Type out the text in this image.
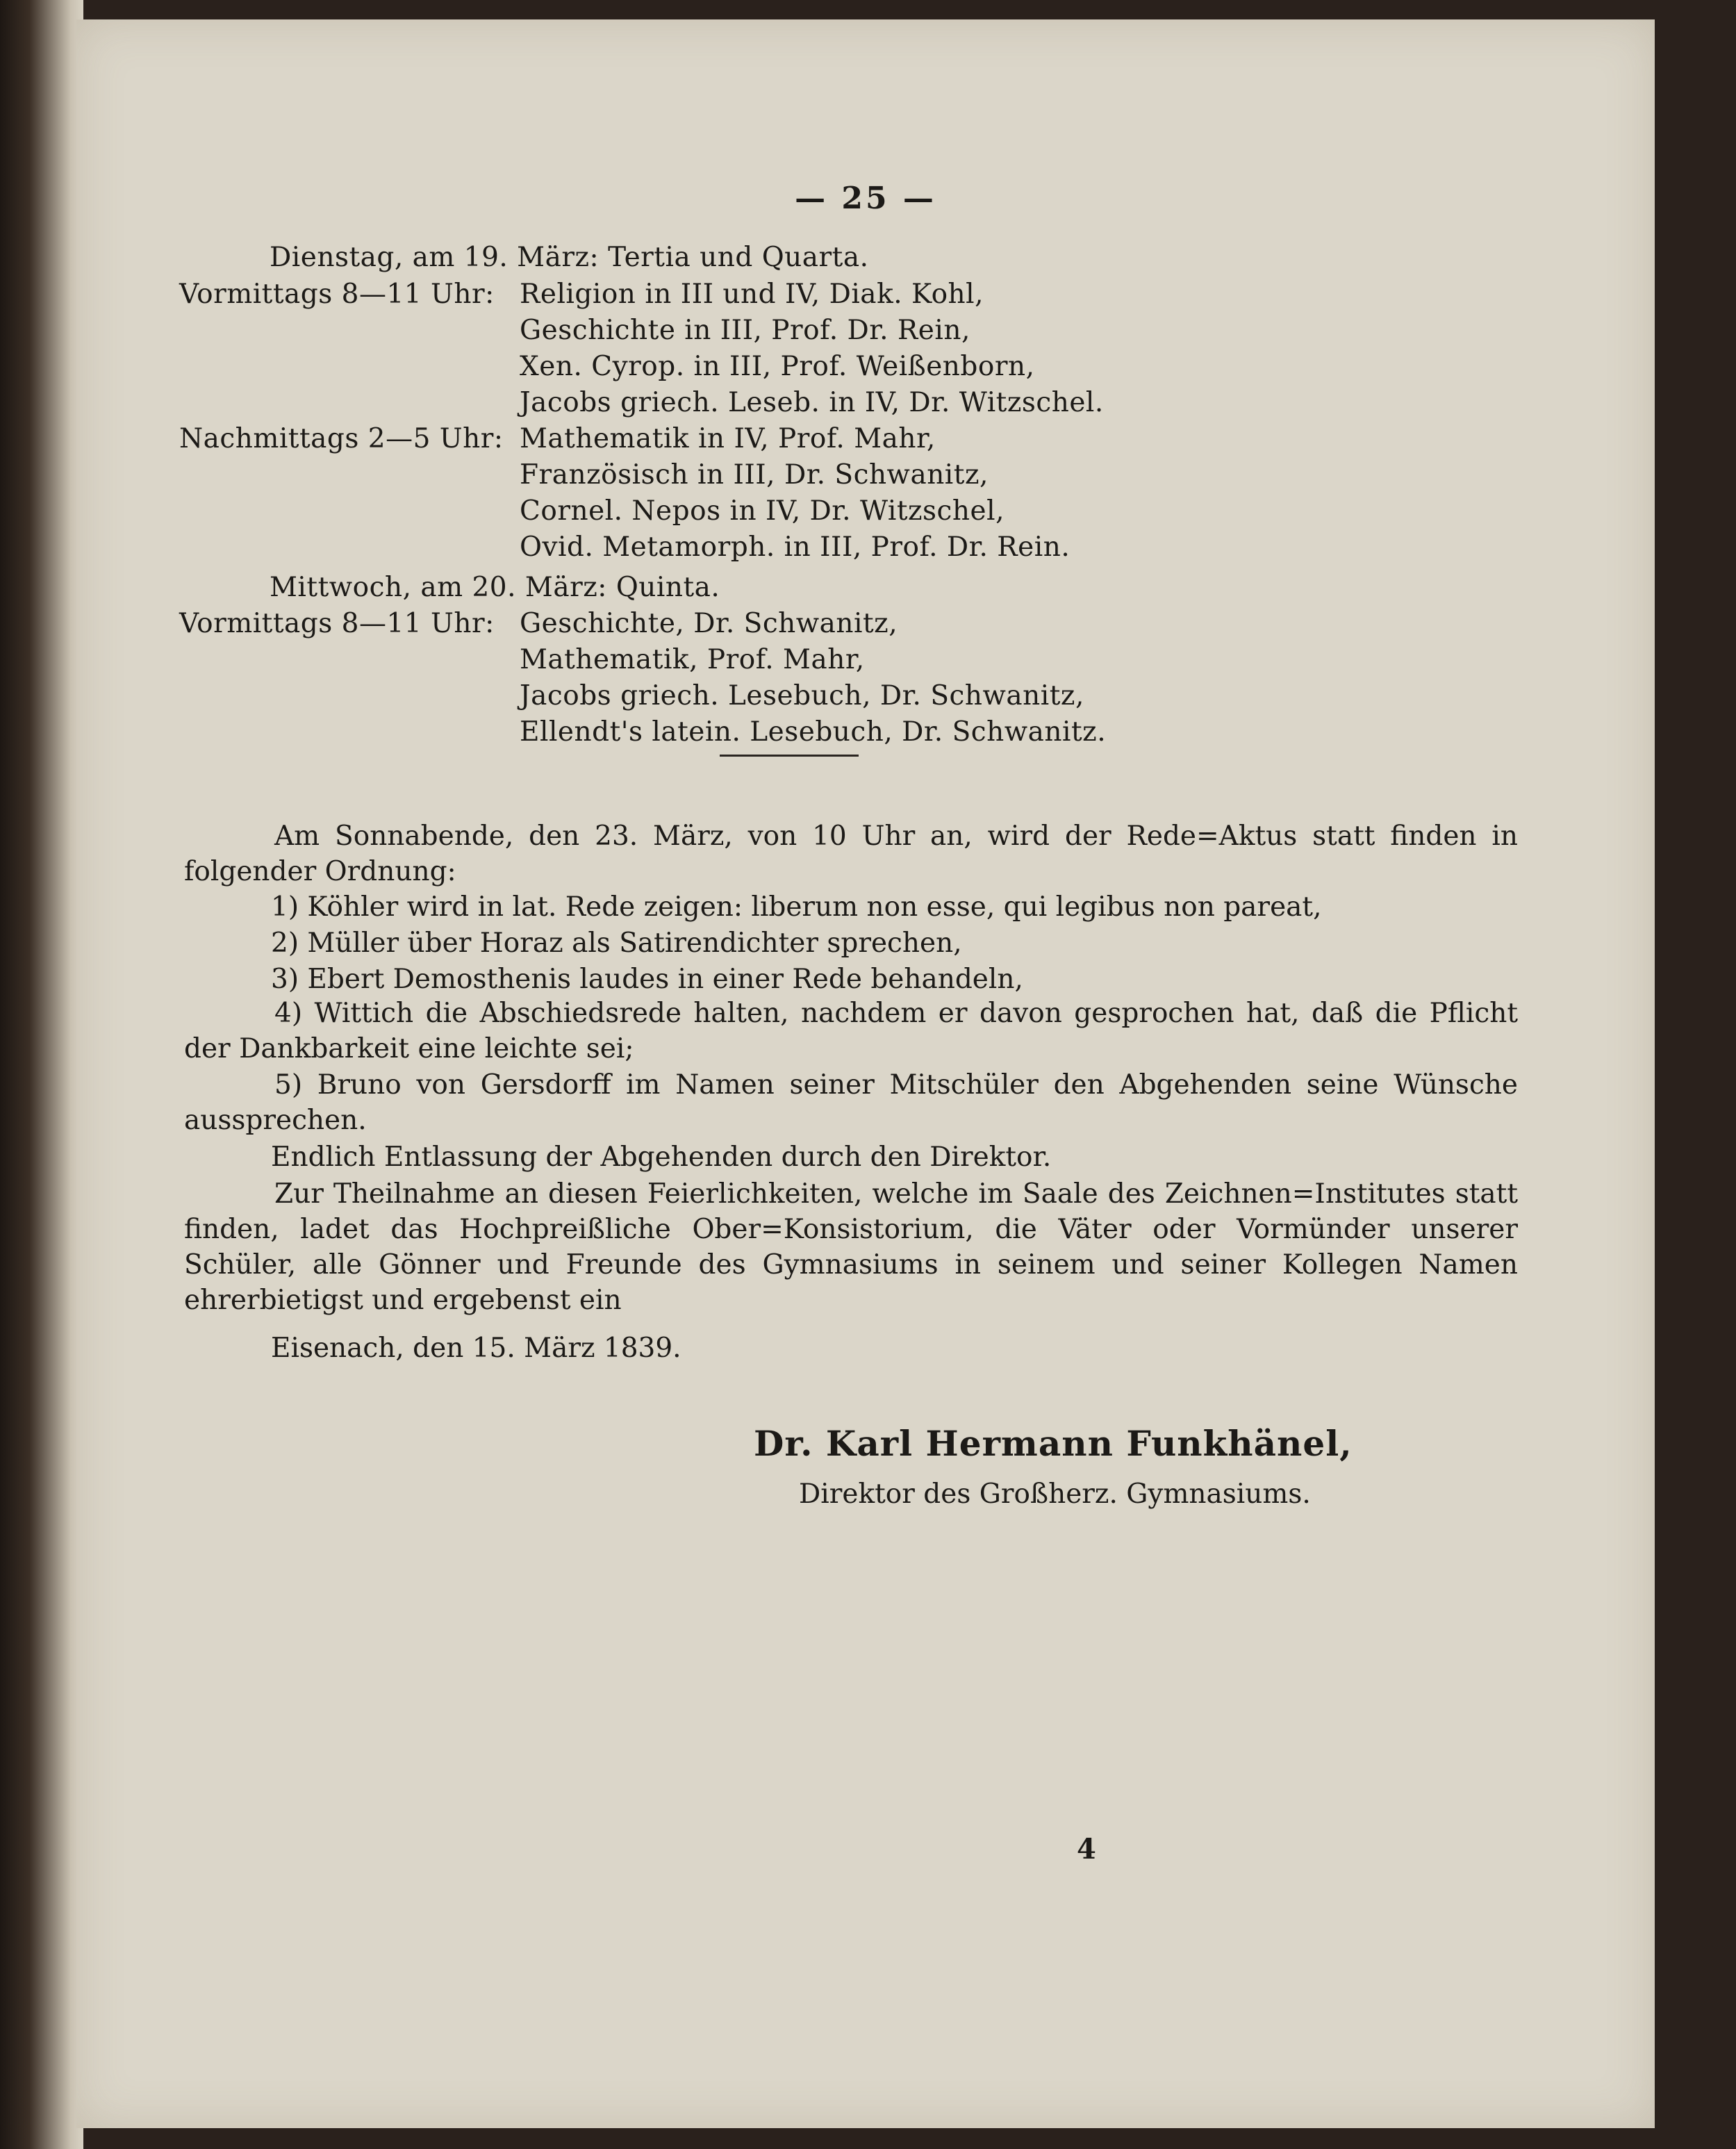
— 25 —
Dienstag, am 19. März: Tertia und Quarta.
Vormittags 8—11 Uhr: Religion in III und IV, Diak. Kohl,
Geschichte in III, Prof. Dr. Rein,
Xen. Cyrop. in III, Prof. Weißenborn,
Jacobs griech. Leseb. in IV, Dr. Witzschel.
Nachmittags 2—5 Uhr: Mathematik in IV, Prof. Mahr,
Französisch in III, Dr. Schwanitz,
Cornel. Nepos in IV, Dr. Witzschel,
Ovid. Metamorph. in III, Prof. Dr. Rein.
Mittwoch, am 20. März: Quinta.
Vormittags 8—11 Uhr: Geschichte, Dr. Schwanitz,
Mathematik, Prof. Mahr,
Jacobs griech. Lesebuch, Dr. Schwanitz,
Ellendt's latein. Lesebuch, Dr. Schwanitz.
Am Sonnabende, den 23. März, von 10 Uhr an, wird der Rede=Aktus statt finden in folgender Ordnung:
1) Köhler wird in lat. Rede zeigen: liberum non esse, qui legibus non pareat,
2) Müller über Horaz als Satirendichter sprechen,
3) Ebert Demosthenis laudes in einer Rede behandeln,
4) Wittich die Abschiedsrede halten, nachdem er davon gesprochen hat, daß die Pflicht der Dankbarkeit eine leichte sei;
5) Bruno von Gersdorff im Namen seiner Mitschüler den Abgehenden seine Wünsche aussprechen.
Endlich Entlassung der Abgehenden durch den Direktor.
Zur Theilnahme an diesen Feierlichkeiten, welche im Saale des Zeichnen=Institutes statt finden, ladet das Hochpreißliche Ober=Konsistorium, die Väter oder Vormünder unserer Schüler, alle Gönner und Freunde des Gymnasiums in seinem und seiner Kollegen Namen ehrerbietigst und ergebenst ein
Eisenach, den 15. März 1839.
Dr. Karl Hermann Funkhänel,
Direktor des Großherz. Gymnasiums.
4
